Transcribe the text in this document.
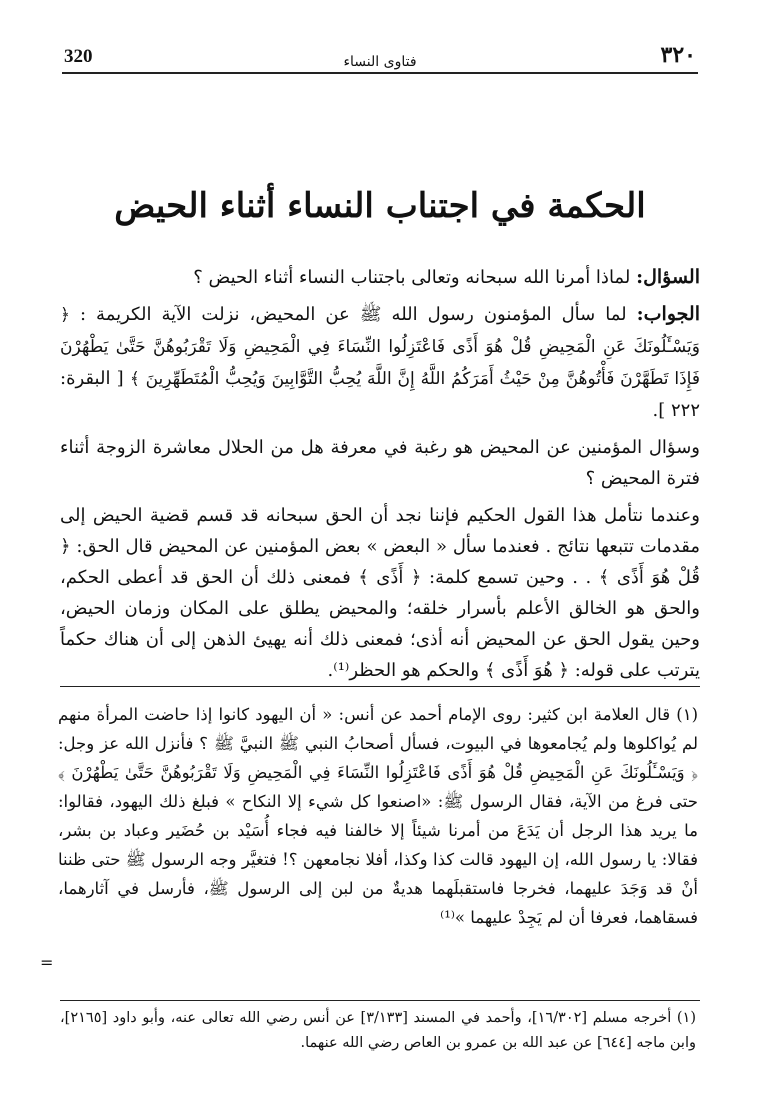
320	فتاوى النساء	٣٢٠
الحكمة في اجتناب النساء أثناء الحيض

السؤال: لماذا أمرنا الله سبحانه وتعالى باجتناب النساء أثناء الحيض ؟

الجواب: لما سأل المؤمنون رسول الله ﷺ عن المحيض، نزلت الآية الكريمة : ﴿ وَيَسْـَٔلُونَكَ عَنِ الْمَحِيضِ قُلْ هُوَ أَذًى فَاعْتَزِلُوا النِّسَاءَ فِي الْمَحِيضِ وَلَا تَقْرَبُوهُنَّ حَتَّىٰ يَطْهُرْنَ فَإِذَا تَطَهَّرْنَ فَأْتُوهُنَّ مِنْ حَيْثُ أَمَرَكُمُ اللَّهُ إِنَّ اللَّهَ يُحِبُّ التَّوَّابِينَ وَيُحِبُّ الْمُتَطَهِّرِينَ ﴾ [ البقرة: ٢٢٢ ].

وسؤال المؤمنين عن المحيض هو رغبة في معرفة هل من الحلال معاشرة الزوجة أثناء فترة المحيض ؟

وعندما نتأمل هذا القول الحكيم فإننا نجد أن الحق سبحانه قد قسم قضية الحيض إلى مقدمات تتبعها نتائج . فعندما سأل « البعض » بعض المؤمنين عن المحيض قال الحق: ﴿ قُلْ هُوَ أَذًى ﴾ . . وحين تسمع كلمة: ﴿ أَذًى ﴾ فمعنى ذلك أن الحق قد أعطى الحكم، والحق هو الخالق الأعلم بأسرار خلقه؛ والمحيض يطلق على المكان وزمان الحيض، وحين يقول الحق عن المحيض أنه أذى؛ فمعنى ذلك أنه يهيئ الذهن إلى أن هناك حكماً يترتب على قوله: ﴿ هُوَ أَذًى ﴾ والحكم هو الحظر⁽¹⁾.

(١) قال العلامة ابن كثير: روى الإمام أحمد عن أنس: « أن اليهود كانوا إذا حاضت المرأة منهم لم يُواكلوها ولم يُجامعوها في البيوت، فسأل أصحابُ النبي ﷺ النبيَّ ﷺ ؟ فأنزل الله عز وجل: ﴿ وَيَسْـَٔلُونَكَ عَنِ الْمَحِيضِ قُلْ هُوَ أَذًى فَاعْتَزِلُوا النِّسَاءَ فِي الْمَحِيضِ وَلَا تَقْرَبُوهُنَّ حَتَّىٰ يَطْهُرْنَ ﴾ حتى فرغ من الآية، فقال الرسول ﷺ: «اصنعوا كل شيء إلا النكاح » فبلغ ذلك اليهود، فقالوا: ما يريد هذا الرجل أن يَدَعَ من أمرنا شيئاً إلا خالفنا فيه فجاء أُسَيْد بن حُضَير وعباد بن بشر، فقالا: يا رسول الله، إن اليهود قالت كذا وكذا، أفلا نجامعهن ؟! فتغيَّر وجه الرسول ﷺ حتى ظننا أنْ قد وَجَدَ عليهما، فخرجا فاستقبلَهما هديةٌ من لبن إلى الرسول ﷺ، فأرسل في آثارهما، فسقاهما، فعرفا أن لم يَجِدْ عليهما »⁽¹⁾

=

(١) أخرجه مسلم [١٦/٣٠٢]، وأحمد في المسند [٣/١٣٣] عن أنس رضي الله تعالى عنه، وأبو داود [٢١٦٥]، وابن ماجه [٦٤٤] عن عبد الله بن عمرو بن العاص رضي الله عنهما.
